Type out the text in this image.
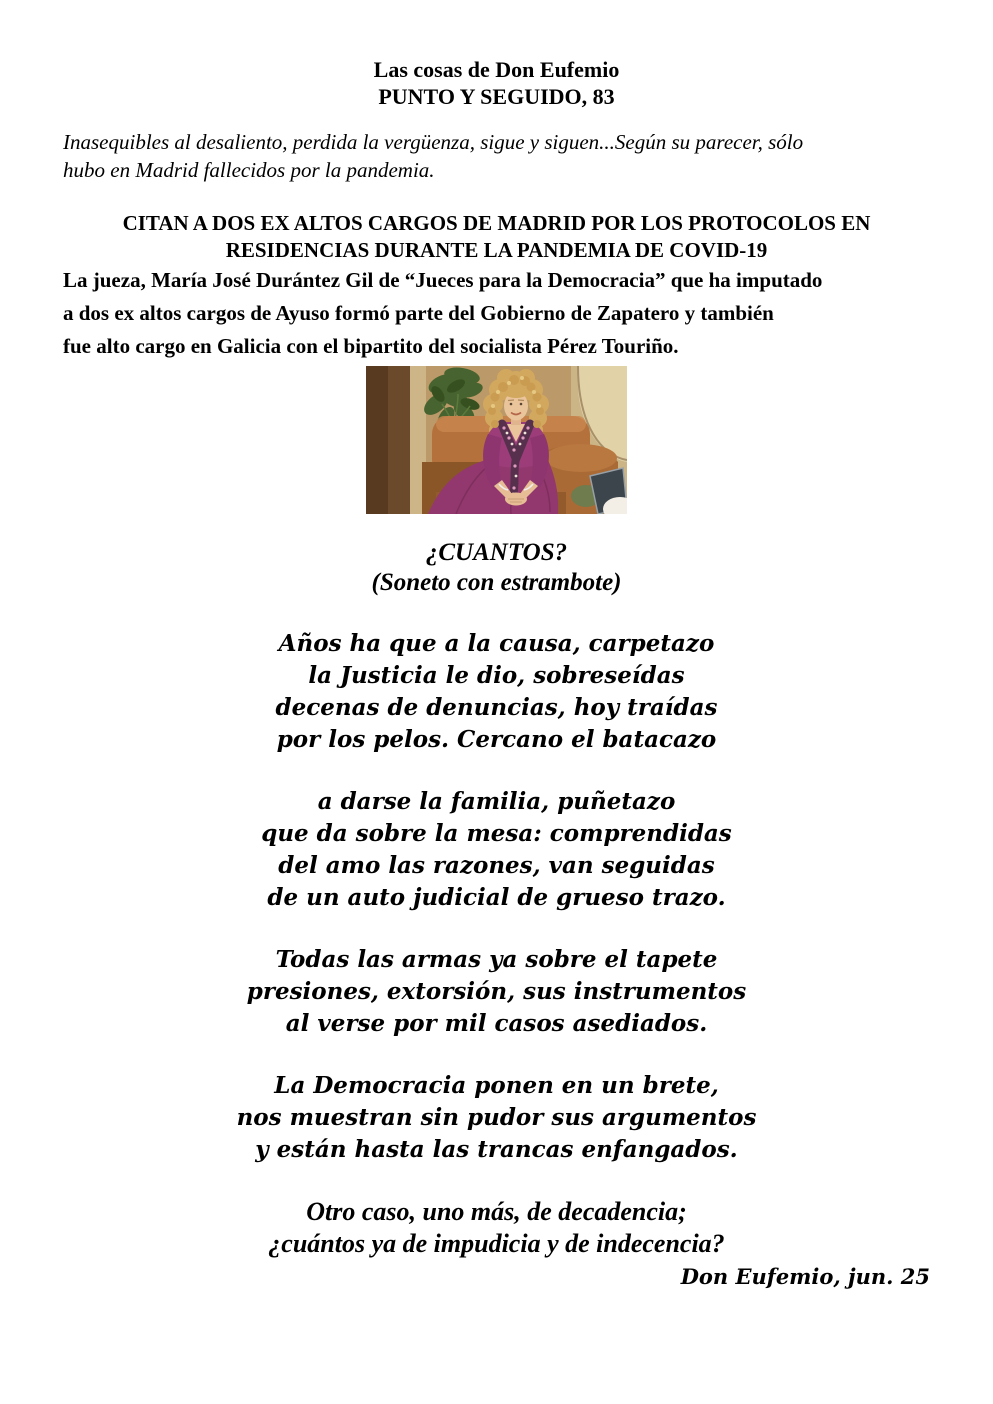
Las cosas de Don Eufemio
PUNTO Y SEGUIDO, 83
Inasequibles al desaliento, perdida la vergüenza, sigue y siguen...Según su parecer, sólo
hubo en Madrid fallecidos por la pandemia.
CITAN A DOS EX ALTOS CARGOS DE MADRID POR LOS PROTOCOLOS EN
RESIDENCIAS DURANTE LA PANDEMIA DE COVID-19
La jueza, María José Durántez Gil de “Jueces para la Democracia” que ha imputado
a dos ex altos cargos de Ayuso formó parte del Gobierno de Zapatero y también
fue alto cargo en Galicia con el bipartito del socialista Pérez Touriño.
¿CUANTOS?
(Soneto con estrambote)
Años ha que a la causa, carpetazo
la Justicia le dio, sobreseídas
decenas de denuncias, hoy traídas
por los pelos. Cercano el batacazo
a darse la familia, puñetazo
que da sobre la mesa: comprendidas
del amo las razones, van seguidas
de un auto judicial de grueso trazo.
Todas las armas ya sobre el tapete
presiones, extorsión, sus instrumentos
al verse por mil casos asediados.
La Democracia ponen en un brete,
nos muestran sin pudor sus argumentos
y están hasta las trancas enfangados.
Otro caso, uno más, de decadencia;
¿cuántos ya de impudicia y de indecencia?
Don Eufemio, jun. 25
